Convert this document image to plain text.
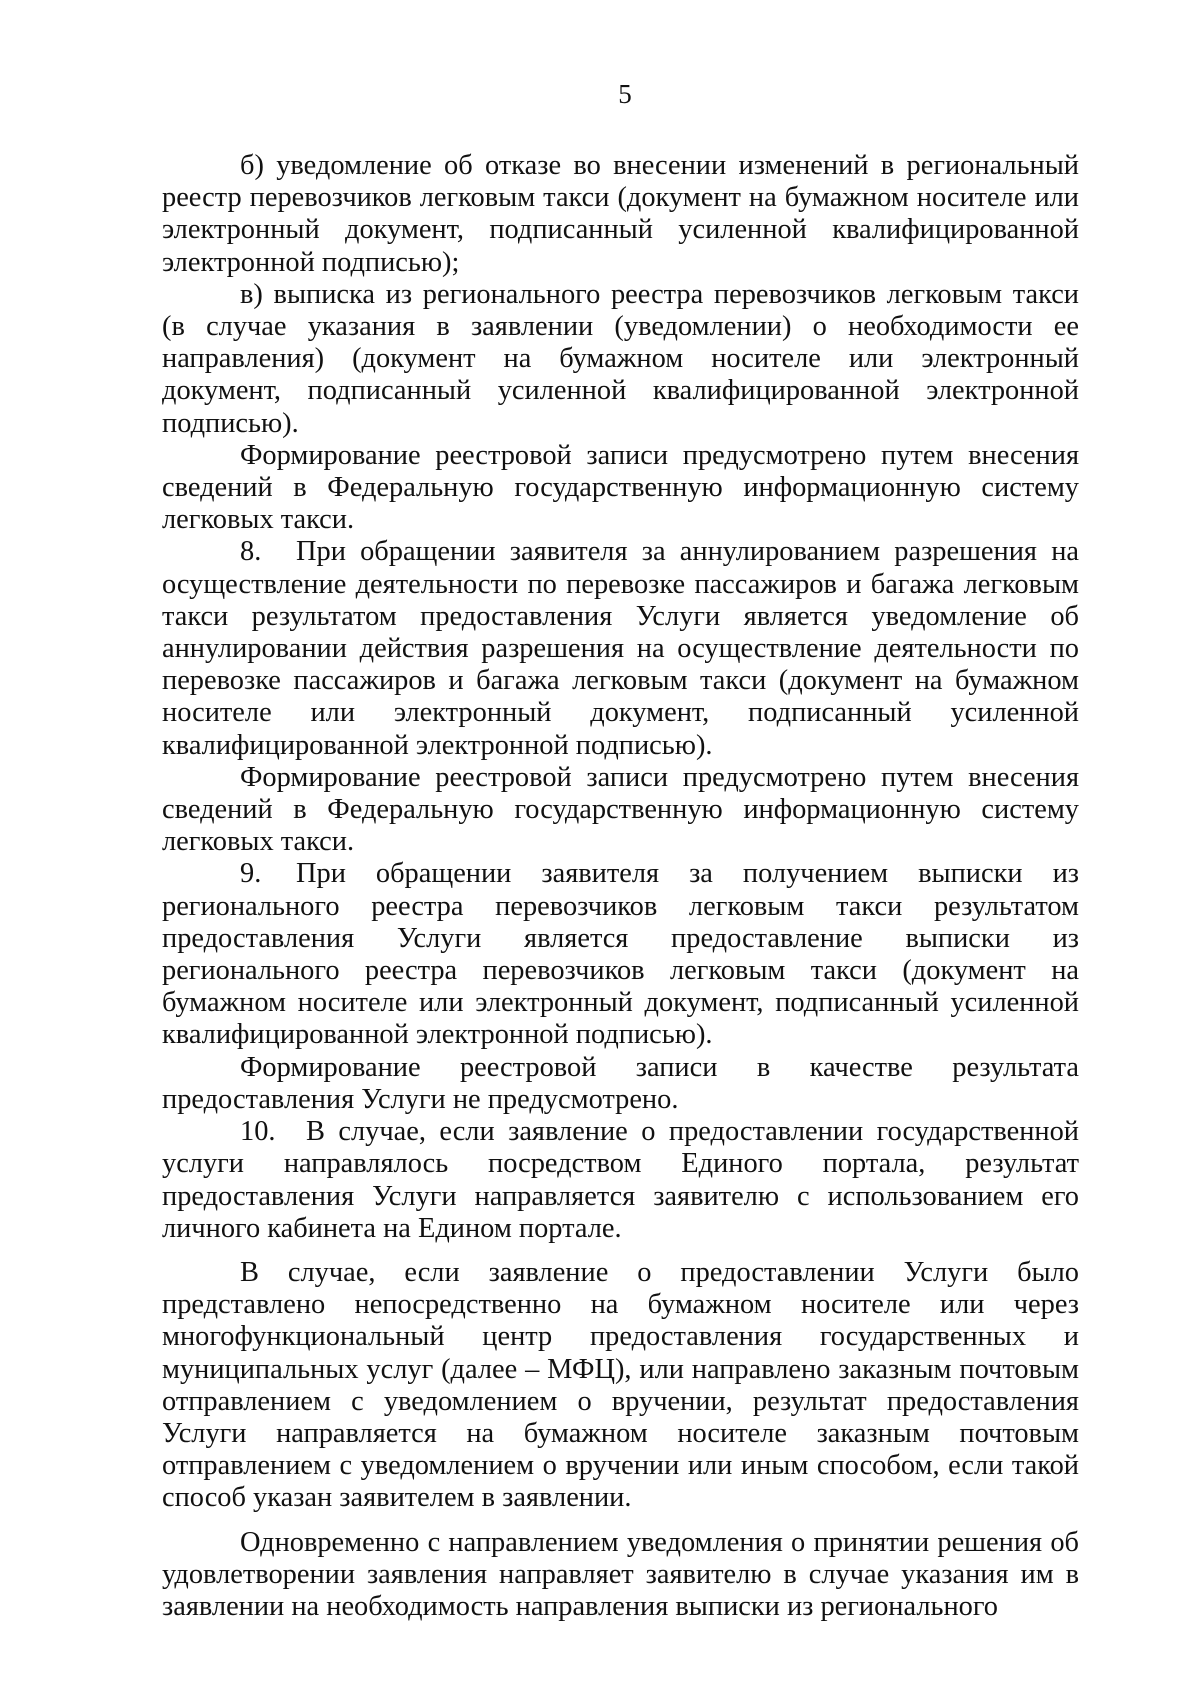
5

б) уведомление об отказе во внесении изменений в региональный реестр перевозчиков легковым такси (документ на бумажном носителе или электронный документ, подписанный усиленной квалифицированной электронной подписью);

в) выписка из регионального реестра перевозчиков легковым такси (в случае указания в заявлении (уведомлении) о необходимости ее направления) (документ на бумажном носителе или электронный документ, подписанный усиленной квалифицированной электронной подписью).

Формирование реестровой записи предусмотрено путем внесения сведений в Федеральную государственную информационную систему легковых такси.

8. При обращении заявителя за аннулированием разрешения на осуществление деятельности по перевозке пассажиров и багажа легковым такси результатом предоставления Услуги является уведомление об аннулировании действия разрешения на осуществление деятельности по перевозке пассажиров и багажа легковым такси (документ на бумажном носителе или электронный документ, подписанный усиленной квалифицированной электронной подписью).

Формирование реестровой записи предусмотрено путем внесения сведений в Федеральную государственную информационную систему легковых такси.

9. При обращении заявителя за получением выписки из регионального реестра перевозчиков легковым такси результатом предоставления Услуги является предоставление выписки из регионального реестра перевозчиков легковым такси (документ на бумажном носителе или электронный документ, подписанный усиленной квалифицированной электронной подписью).

Формирование реестровой записи в качестве результата предоставления Услуги не предусмотрено.

10. В случае, если заявление о предоставлении государственной услуги направлялось посредством Единого портала, результат предоставления Услуги направляется заявителю с использованием его личного кабинета на Едином портале.

В случае, если заявление о предоставлении Услуги было представлено непосредственно на бумажном носителе или через многофункциональный центр предоставления государственных и муниципальных услуг (далее – МФЦ), или направлено заказным почтовым отправлением с уведомлением о вручении, результат предоставления Услуги направляется на бумажном носителе заказным почтовым отправлением с уведомлением о вручении или иным способом, если такой способ указан заявителем в заявлении.

Одновременно с направлением уведомления о принятии решения об удовлетворении заявления направляет заявителю в случае указания им в заявлении на необходимость направления выписки из регионального
